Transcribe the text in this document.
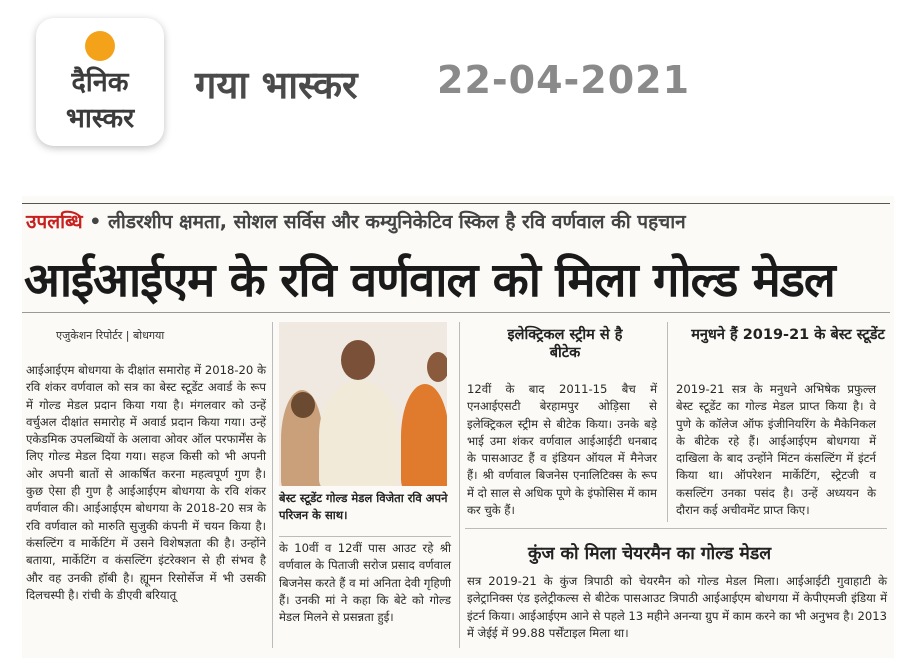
दैनिक
भास्कर
गया भास्कर 22-04-2021
उपलब्धि • लीडरशीप क्षमता, सोशल सर्विस और कम्युनिकेटिव स्किल है रवि वर्णवाल की पहचान
आईआईएम के रवि वर्णवाल को मिला गोल्ड मेडल
एजुकेशन रिपोर्टर | बोधगया
आईआईएम बोधगया के दीक्षांत समारोह में 2018-20 के रवि शंकर वर्णवाल को सत्र का बेस्ट स्टूडेंट अवार्ड के रूप में गोल्ड मेडल प्रदान किया गया है। मंगलवार को उन्हें वर्चुअल दीक्षांत समारोह में अवार्ड प्रदान किया गया। उन्हें एकेडमिक उपलब्धियों के अलावा ओवर ऑल परफार्मेंस के लिए गोल्ड मेडल दिया गया। सहज किसी को भी अपनी ओर अपनी बातों से आकर्षित करना महत्वपूर्ण गुण है। कुछ ऐसा ही गुण है आईआईएम बोधगया के रवि शंकर वर्णवाल की। आईआईएम बोधगया के 2018-20 सत्र के रवि वर्णवाल को मारुति सुजुकी कंपनी में चयन किया है। कंसल्टिंग व मार्केटिंग में उसने विशेषज्ञता की है। उन्होंने बताया, मार्केटिंग व कंसल्टिंग इंटरेक्शन से ही संभव है और वह उनकी हॉबी है। ह्यूमन रिसोर्सेज में भी उसकी दिलचस्पी है। रांची के डीएवी बरियातू
बेस्ट स्टूडेंट गोल्ड मेडल विजेता रवि अपने परिजन के साथ।
के 10वीं व 12वीं पास आउट रहे श्री वर्णवाल के पिताजी सरोज प्रसाद वर्णवाल बिजनेस करते हैं व मां अनिता देवी गृहिणी हैं। उनकी मां ने कहा कि बेटे को गोल्ड मेडल मिलने से प्रसन्नता हुई।
इलेक्ट्रिकल स्ट्रीम से है बीटेक
12वीं के बाद 2011-15 बैच में एनआईएसटी बेरहामपुर ओड़िसा से इलेक्ट्रिकल स्ट्रीम से बीटेक किया। उनके बड़े भाई उमा शंकर वर्णवाल आईआईटी धनबाद के पासआउट हैं व इंडियन ऑयल में मैनेजर हैं। श्री वर्णवाल बिजनेस एनालिटिक्स के रूप में दो साल से अधिक पूणे के इंफोसिस में काम कर चुके हैं।
मनुधने हैं 2019-21 के बेस्ट स्टूडेंट
2019-21 सत्र के मनुधने अभिषेक प्रफुल्ल बेस्ट स्टूडेंट का गोल्ड मेडल प्राप्त किया है। वे पुणे के कॉलेज ऑफ इंजीनियरिंग के मैकेनिकल के बीटेक रहे हैं। आईआईएम बोधगया में दाखिला के बाद उन्होंने मिंटन कंसल्टिंग में इंटर्न किया था। ऑपरेशन मार्केटिंग, स्ट्रेटजी व कसल्टिंग उनका पसंद है। उन्हें अध्ययन के दौरान कई अचीवमेंट प्राप्त किए।
कुंज को मिला चेयरमैन का गोल्ड मेडल
सत्र 2019-21 के कुंज त्रिपाठी को चेयरमैन को गोल्ड मेडल मिला। आईआईटी गुवाहाटी के इलेट्रानिक्स एंड इलेट्रीकल्स से बीटेक पासआउट त्रिपाठी आईआईएम बोधगया में केपीएमजी इंडिया में इंटर्न किया। आईआईएम आने से पहले 13 महीने अनन्या ग्रुप में काम करने का भी अनुभव है। 2013 में जेईई में 99.88 पर्सेंटाइल मिला था।
